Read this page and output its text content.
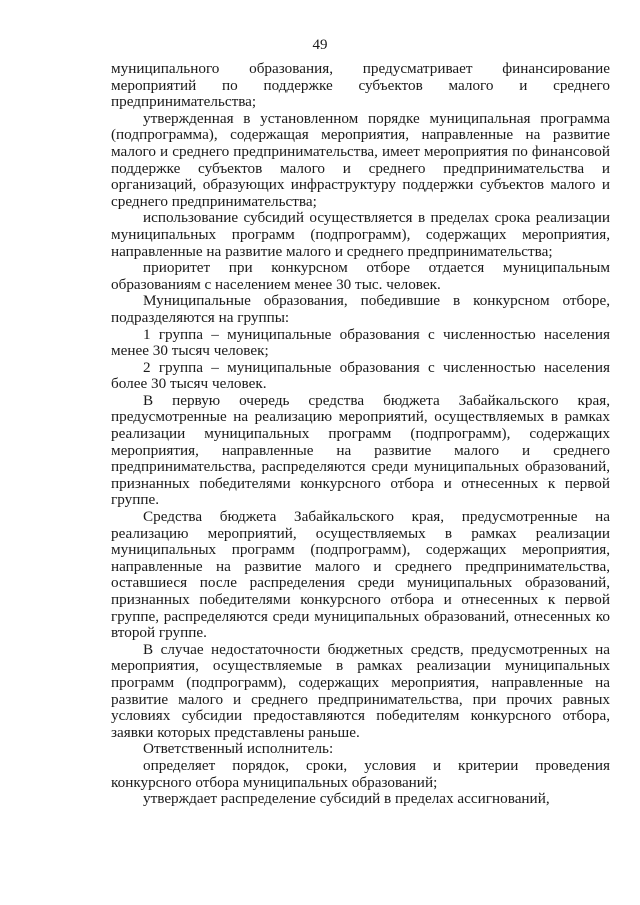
49

муниципального образования, предусматривает финансирование мероприятий по поддержке субъектов малого и среднего предпринимательства;

утвержденная в установленном порядке муниципальная программа (подпрограмма), содержащая мероприятия, направленные на развитие малого и среднего предпринимательства, имеет мероприятия по финансовой поддержке субъектов малого и среднего предпринимательства и организаций, образующих инфраструктуру поддержки субъектов малого и среднего предпринимательства;

использование субсидий осуществляется в пределах срока реализации муниципальных программ (подпрограмм), содержащих мероприятия, направленные на развитие малого и среднего предпринимательства;

приоритет при конкурсном отборе отдается муниципальным образованиям с населением менее 30 тыс. человек.

Муниципальные образования, победившие в конкурсном отборе, подразделяются на группы:

1 группа – муниципальные образования с численностью населения менее 30 тысяч человек;

2 группа – муниципальные образования с численностью населения более 30 тысяч человек.

В первую очередь средства бюджета Забайкальского края, предусмотренные на реализацию мероприятий, осуществляемых в рамках реализации муниципальных программ (подпрограмм), содержащих мероприятия, направленные на развитие малого и среднего предпринимательства, распределяются среди муниципальных образований, признанных победителями конкурсного отбора и отнесенных к первой группе.

Средства бюджета Забайкальского края, предусмотренные на реализацию мероприятий, осуществляемых в рамках реализации муниципальных программ (подпрограмм), содержащих мероприятия, направленные на развитие малого и среднего предпринимательства, оставшиеся после распределения среди муниципальных образований, признанных победителями конкурсного отбора и отнесенных к первой группе, распределяются среди муниципальных образований, отнесенных ко второй группе.

В случае недостаточности бюджетных средств, предусмотренных на мероприятия, осуществляемые в рамках реализации муниципальных программ (подпрограмм), содержащих мероприятия, направленные на развитие малого и среднего предпринимательства, при прочих равных условиях субсидии предоставляются победителям конкурсного отбора, заявки которых представлены раньше.

Ответственный исполнитель:

определяет порядок, сроки, условия и критерии проведения конкурсного отбора муниципальных образований;

утверждает распределение субсидий в пределах ассигнований,
